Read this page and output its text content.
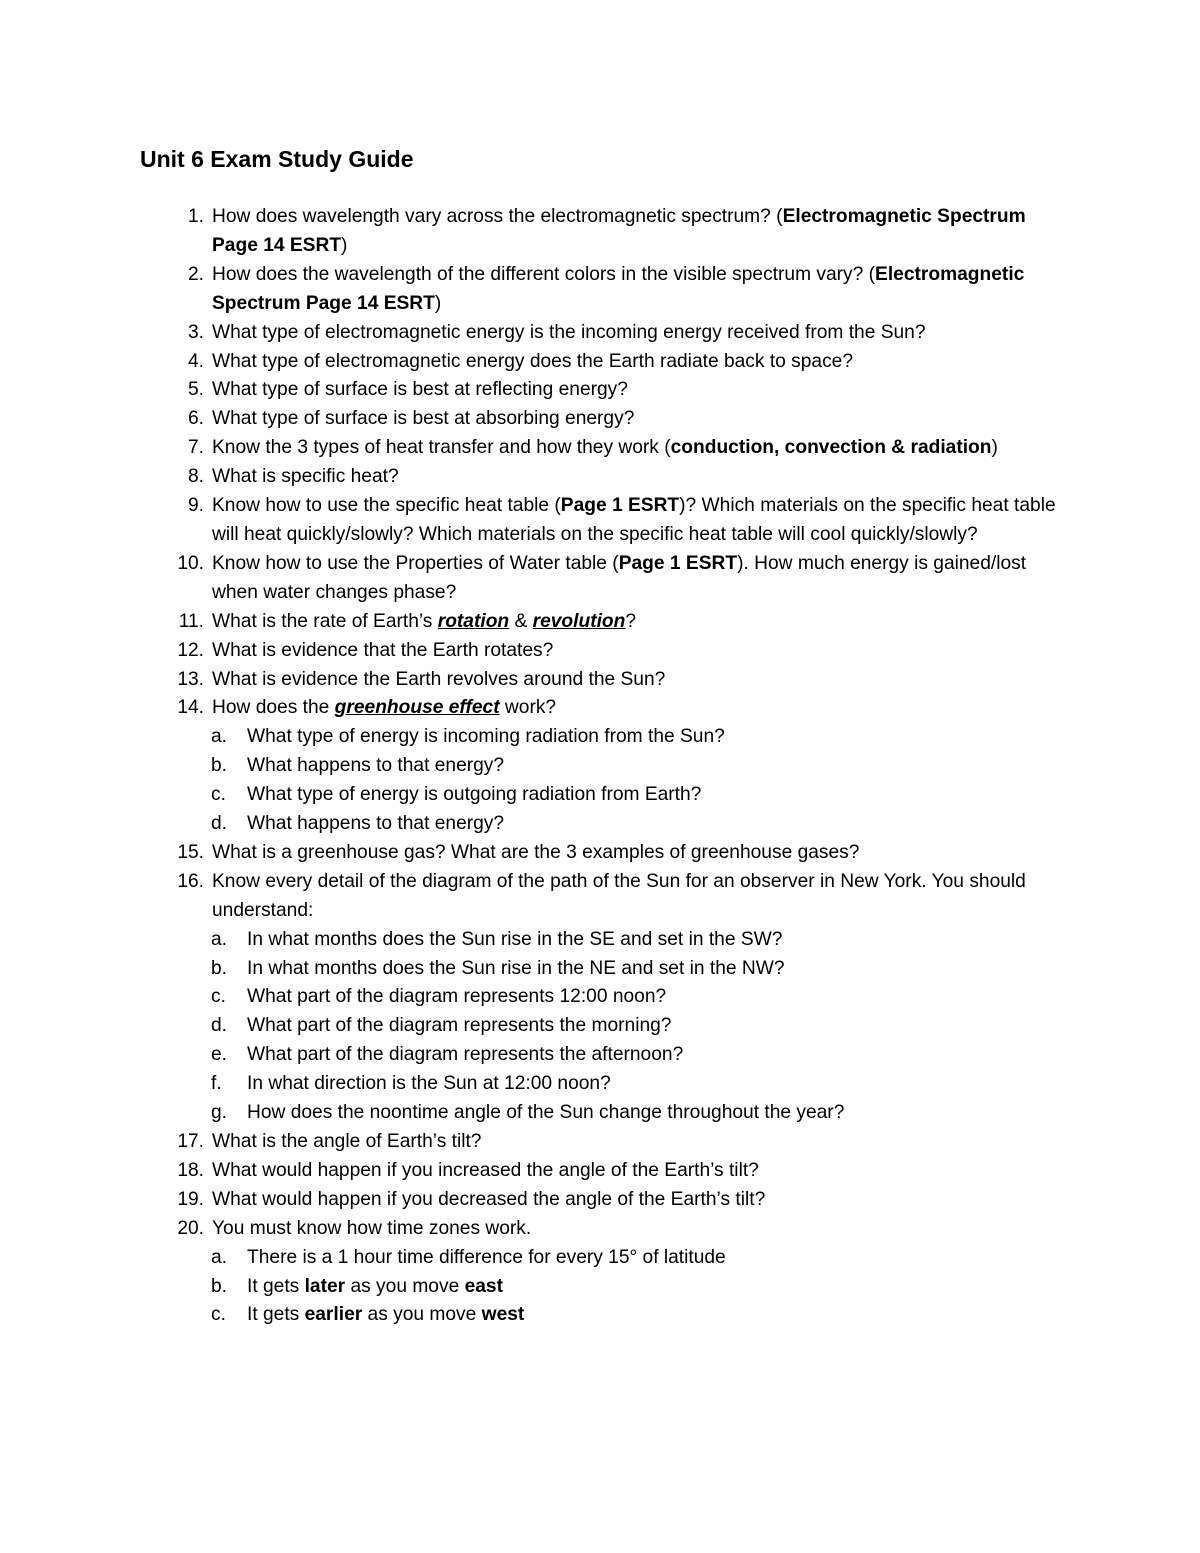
Unit 6 Exam Study Guide
1. How does wavelength vary across the electromagnetic spectrum? (Electromagnetic Spectrum Page 14 ESRT)
2. How does the wavelength of the different colors in the visible spectrum vary? (Electromagnetic Spectrum Page 14 ESRT)
3. What type of electromagnetic energy is the incoming energy received from the Sun?
4. What type of electromagnetic energy does the Earth radiate back to space?
5. What type of surface is best at reflecting energy?
6. What type of surface is best at absorbing energy?
7. Know the 3 types of heat transfer and how they work (conduction, convection & radiation)
8. What is specific heat?
9. Know how to use the specific heat table (Page 1 ESRT)? Which materials on the specific heat table will heat quickly/slowly? Which materials on the specific heat table will cool quickly/slowly?
10. Know how to use the Properties of Water table (Page 1 ESRT). How much energy is gained/lost when water changes phase?
11. What is the rate of Earth’s rotation & revolution?
12. What is evidence that the Earth rotates?
13. What is evidence the Earth revolves around the Sun?
14. How does the greenhouse effect work?
a.	What type of energy is incoming radiation from the Sun?
b.	What happens to that energy?
c.	What type of energy is outgoing radiation from Earth?
d.	What happens to that energy?
15. What is a greenhouse gas? What are the 3 examples of greenhouse gases?
16. Know every detail of the diagram of the path of the Sun for an observer in New York. You should understand:
a.	In what months does the Sun rise in the SE and set in the SW?
b.	In what months does the Sun rise in the NE and set in the NW?
c.	What part of the diagram represents 12:00 noon?
d.	What part of the diagram represents the morning?
e.	What part of the diagram represents the afternoon?
f.	In what direction is the Sun at 12:00 noon?
g.	How does the noontime angle of the Sun change throughout the year?
17. What is the angle of Earth’s tilt?
18. What would happen if you increased the angle of the Earth’s tilt?
19. What would happen if you decreased the angle of the Earth’s tilt?
20. You must know how time zones work.
a.	There is a 1 hour time difference for every 15° of latitude
b.	It gets later as you move east
c.	It gets earlier as you move west
